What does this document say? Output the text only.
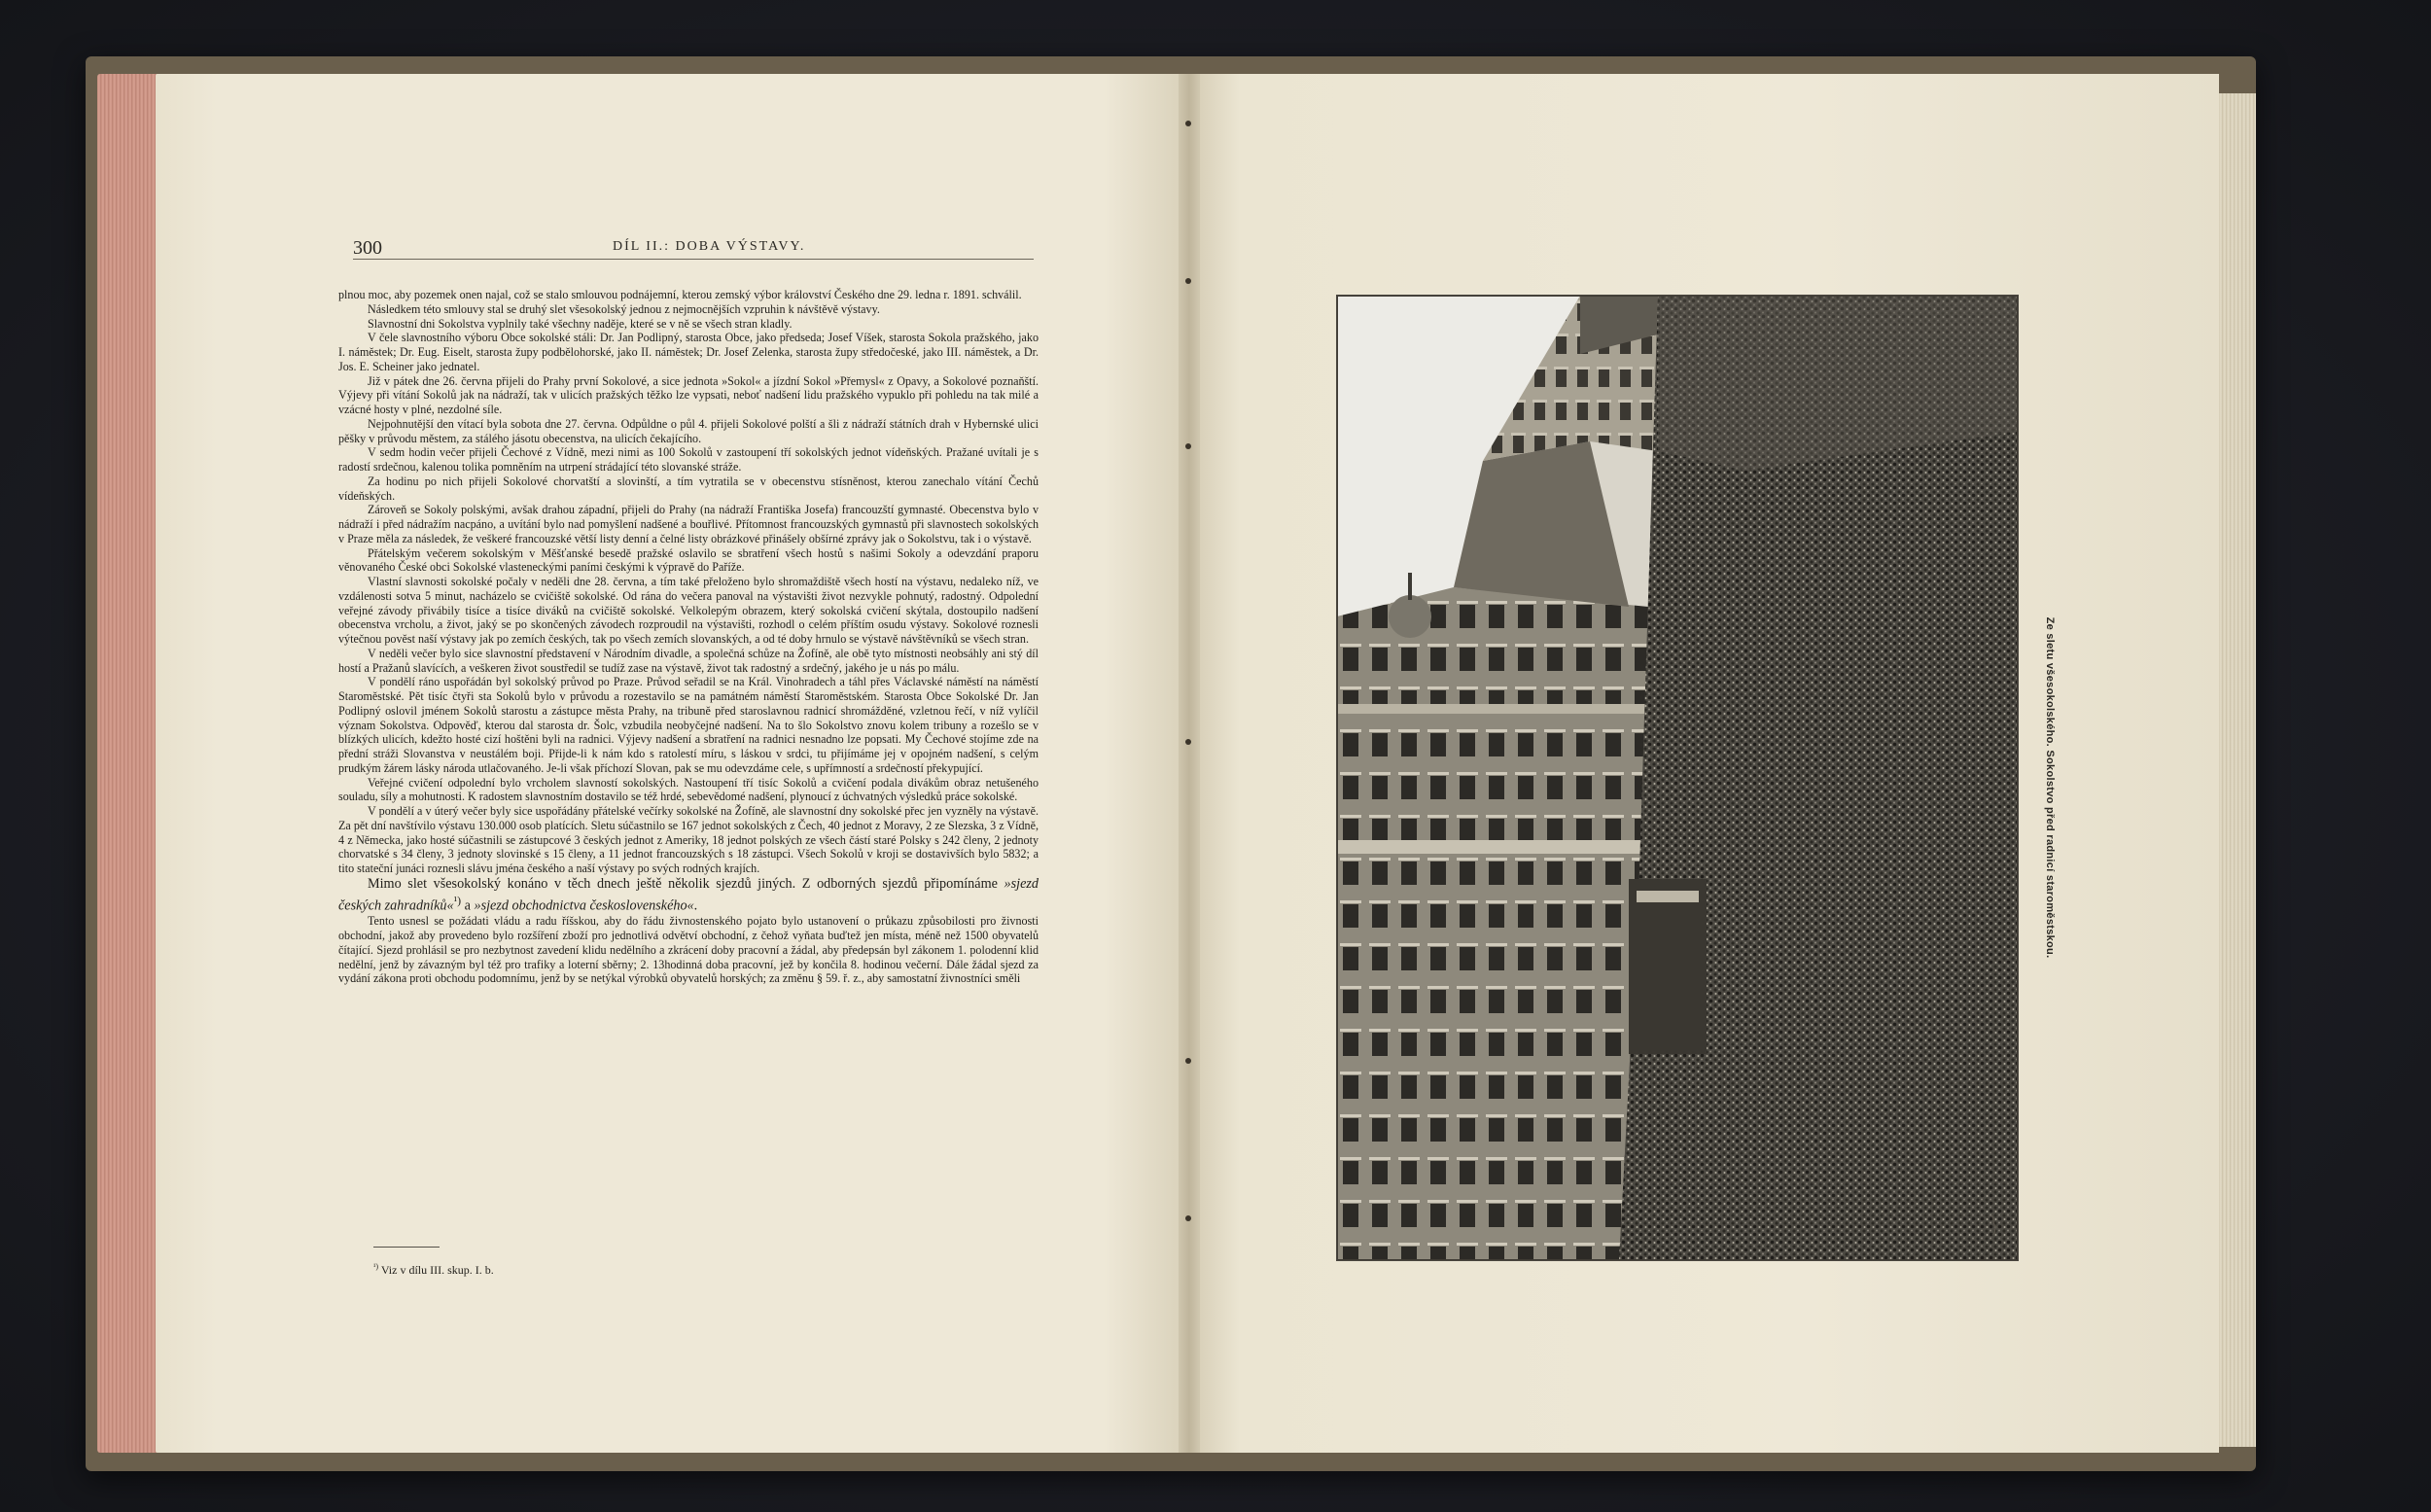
300	DÍL II.: DOBA VÝSTAVY.

plnou moc, aby pozemek onen najal, což se stalo smlouvou podnájemní, kterou zemský výbor království Českého dne 29. ledna r. 1891. schválil.

Následkem této smlouvy stal se druhý slet všesokolský jednou z nejmocnějších vzpruhin k návštěvě výstavy.

Slavnostní dni Sokolstva vyplnily také všechny naděje, které se v ně se všech stran kladly.

V čele slavnostního výboru Obce sokolské stáli: Dr. Jan Podlipný, starosta Obce, jako předseda; Josef Víšek, starosta Sokola pražského, jako I. náměstek; Dr. Eug. Eiselt, starosta župy podbělohorské, jako II. náměstek; Dr. Josef Zelenka, starosta župy středočeské, jako III. náměstek, a Dr. Jos. E. Scheiner jako jednatel.

Již v pátek dne 26. června přijeli do Prahy první Sokolové, a sice jednota »Sokol« a jízdní Sokol »Přemysl« z Opavy, a Sokolové poznaňští. Výjevy při vítání Sokolů jak na nádraží, tak v ulicích pražských těžko lze vypsati, neboť nadšení lidu pražského vypuklo při pohledu na tak milé a vzácné hosty v plné, nezdolné síle.

Nejpohnutější den vítací byla sobota dne 27. června. Odpůldne o půl 4. přijeli Sokolové polští a šli z nádraží státních drah v Hybernské ulici pěšky v průvodu městem, za stálého jásotu obecenstva, na ulicích čekajícího.

V sedm hodin večer přijeli Čechové z Vídně, mezi nimi as 100 Sokolů v zastoupení tří sokolských jednot vídeňských. Pražané uvítali je s radostí srdečnou, kalenou tolika pomněním na utrpení strádající této slovanské stráže.

Za hodinu po nich přijeli Sokolové chorvatští a slovinští, a tím vytratila se v obecenstvu stísněnost, kterou zanechalo vítání Čechů vídeňských.

Zároveň se Sokoly polskými, avšak drahou západní, přijeli do Prahy (na nádraží Františka Josefa) francouzští gymnasté. Obecenstva bylo v nádraží i před nádražím nacpáno, a uvítání bylo nad pomyšlení nadšené a bouřlivé. Přítomnost francouzských gymnastů při slavnostech sokolských v Praze měla za následek, že veškeré francouzské větší listy denní a čelné listy obrázkové přinášely obšírné zprávy jak o Sokolstvu, tak i o výstavě.

Přátelským večerem sokolským v Měšťanské besedě pražské oslavilo se sbratření všech hostů s našimi Sokoly a odevzdání praporu věnovaného České obci Sokolské vlasteneckými paními českými k výpravě do Paříže.

Vlastní slavnosti sokolské počaly v neděli dne 28. června, a tím také přeloženo bylo shromaždiště všech hostí na výstavu, nedaleko níž, ve vzdálenosti sotva 5 minut, nacházelo se cvičiště sokolské. Od rána do večera panoval na výstavišti život nezvykle pohnutý, radostný. Odpolední veřejné závody přivábily tisíce a tisíce diváků na cvičiště sokolské. Velkolepým obrazem, který sokolská cvičení skýtala, dostoupilo nadšení obecenstva vrcholu, a život, jaký se po skončených závodech rozproudil na výstavišti, rozhodl o celém příštím osudu výstavy. Sokolové roznesli výtečnou pověst naší výstavy jak po zemích českých, tak po všech zemích slovanských, a od té doby hrnulo se výstavě návštěvníků se všech stran.

V neděli večer bylo sice slavnostní představení v Národním divadle, a společná schůze na Žofíně, ale obě tyto místnosti neobsáhly ani stý díl hostí a Pražanů slavících, a veškeren život soustředil se tudíž zase na výstavě, život tak radostný a srdečný, jakého je u nás po málu.

V pondělí ráno uspořádán byl sokolský průvod po Praze. Průvod seřadil se na Král. Vinohradech a táhl přes Václavské náměstí na náměstí Staroměstské. Pět tisíc čtyři sta Sokolů bylo v průvodu a rozestavilo se na památném náměstí Staroměstském. Starosta Obce Sokolské Dr. Jan Podlipný oslovil jménem Sokolů starostu a zástupce města Prahy, na tribuně před staroslavnou radnicí shromážděné, vzletnou řečí, v níž vylíčil význam Sokolstva. Odpověď, kterou dal starosta dr. Šolc, vzbudila neobyčejné nadšení. Na to šlo Sokolstvo znovu kolem tribuny a rozešlo se v blízkých ulicích, kdežto hosté cizí hoštěni byli na radnici. Výjevy nadšení a sbratření na radnici nesnadno lze popsati. My Čechové stojíme zde na přední stráži Slovanstva v neustálém boji. Přijde-li k nám kdo s ratolestí míru, s láskou v srdci, tu přijímáme jej v opojném nadšení, s celým prudkým žárem lásky národa utlačovaného. Je-li však příchozí Slovan, pak se mu odevzdáme cele, s upřímností a srdečností překypující.

Veřejné cvičení odpolední bylo vrcholem slavností sokolských. Nastoupení tří tisíc Sokolů a cvičení podala divákům obraz netušeného souladu, síly a mohutnosti. K radostem slavnostním dostavilo se též hrdé, sebevědomé nadšení, plynoucí z úchvatných výsledků práce sokolské.

V pondělí a v úterý večer byly sice uspořádány přátelské večírky sokolské na Žofíně, ale slavnostní dny sokolské přec jen vyzněly na výstavě. Za pět dní navštívilo výstavu 130.000 osob platících. Sletu súčastnilo se 167 jednot sokolských z Čech, 40 jednot z Moravy, 2 ze Slezska, 3 z Vídně, 4 z Německa, jako hosté súčastnili se zástupcové 3 českých jednot z Ameriky, 18 jednot polských ze všech částí staré Polsky s 242 členy, 2 jednoty chorvatské s 34 členy, 3 jednoty slovinské s 15 členy, a 11 jednot francouzských s 18 zástupci. Všech Sokolů v kroji se dostavivších bylo 5832; a tito stateční junáci roznesli slávu jména českého a naší výstavy po svých rodných krajích.

Mimo slet všesokolský konáno v těch dnech ještě několik sjezdů jiných. Z odborných sjezdů připomínáme »sjezd českých zahradníků«$^{^1)}$ a »sjezd obchodnictva československého«.

Tento usnesl se požádati vládu a radu říšskou, aby do řádu živnostenského pojato bylo ustanovení o průkazu způsobilosti pro živnosti obchodní, jakož aby provedeno bylo rozšíření zboží pro jednotlivá odvětví obchodní, z čehož vyňata buďtež jen místa, méně než 1500 obyvatelů čítající. Sjezd prohlásil se pro nezbytnost zavedení klidu nedělního a zkrácení doby pracovní a žádal, aby předepsán byl zákonem 1. polodenní klid nedělní, jenž by závazným byl též pro trafiky a loterní sběrny; 2. 13hodinná doba pracovní, jež by končila 8. hodinou večerní. Dále žádal sjezd za vydání zákona proti obchodu podomnímu, jenž by se netýkal výrobků obyvatelů horských; za změnu § 59. ř. z., aby samostatní živnostníci směli

$^{^1)}$ Viz v dílu III. skup. I. b.
Ze sletu všesokolského. Sokolstvo před radnicí staroměstskou.
